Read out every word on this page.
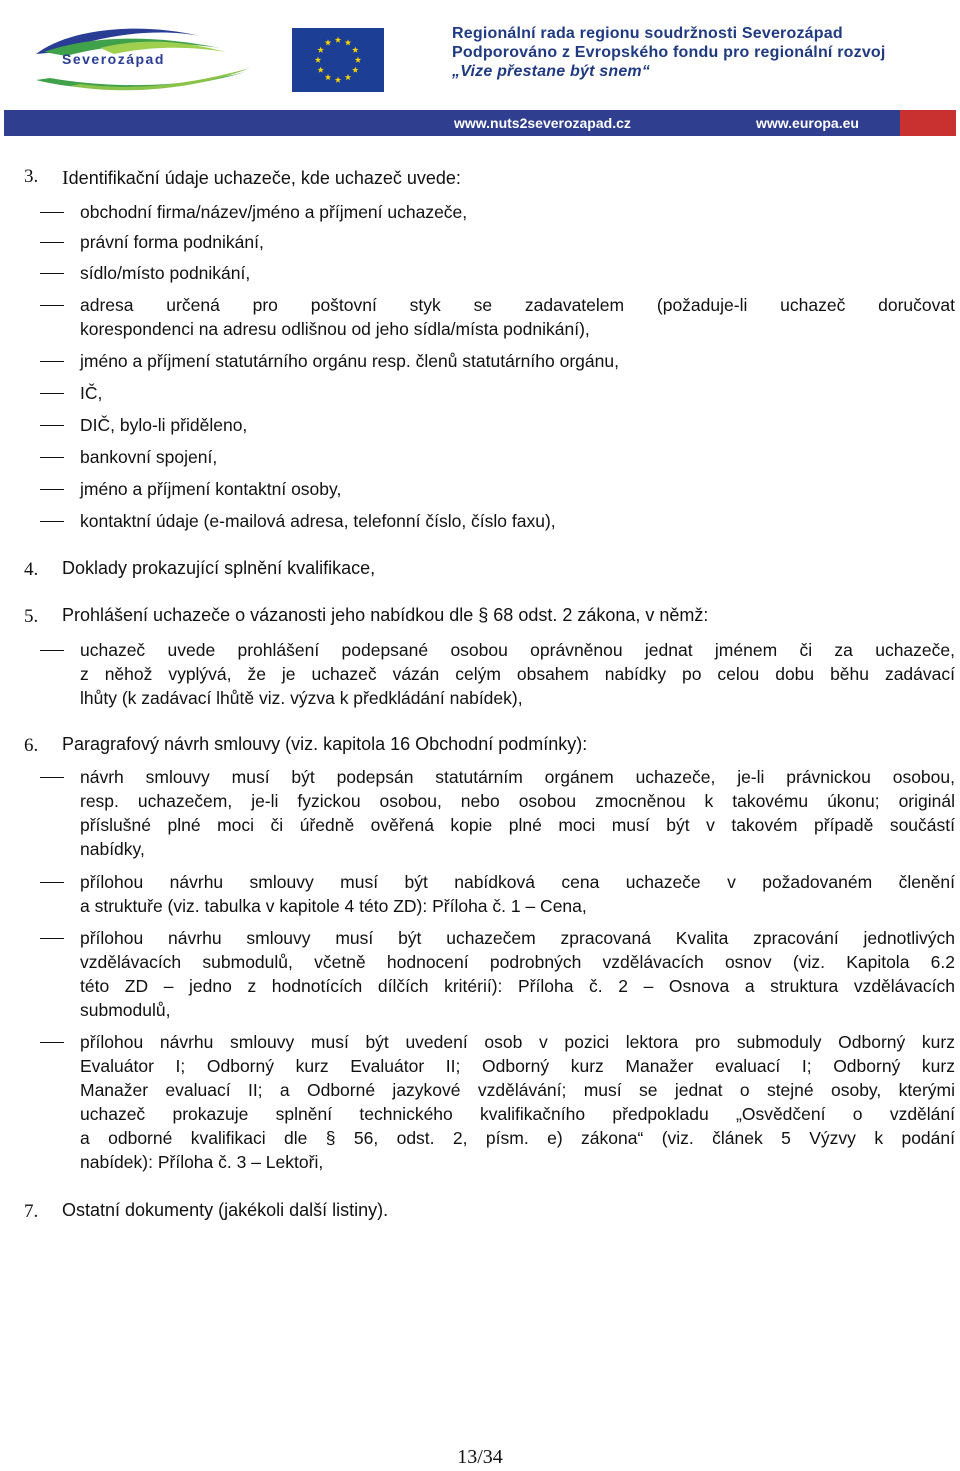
Severozápad
Regionální rada regionu soudržnosti Severozápad
Podporováno z Evropského fondu pro regionální rozvoj
„Vize přestane být snem“
www.nuts2severozapad.cz	www.europa.eu
3. Identifikační údaje uchazeče, kde uchazeč uvede:
obchodní firma/název/jméno a příjmení uchazeče,
právní forma podnikání,
sídlo/místo podnikání,
adresa určená pro poštovní styk se zadavatelem (požaduje-li uchazeč doručovat
korespondenci na adresu odlišnou od jeho sídla/místa podnikání),
jméno a příjmení statutárního orgánu resp. členů statutárního orgánu,
IČ,
DIČ, bylo-li přiděleno,
bankovní spojení,
jméno a příjmení kontaktní osoby,
kontaktní údaje (e-mailová adresa, telefonní číslo, číslo faxu),
4. Doklady prokazující splnění kvalifikace,
5. Prohlášení uchazeče o vázanosti jeho nabídkou dle § 68 odst. 2 zákona, v němž:
uchazeč uvede prohlášení podepsané osobou oprávněnou jednat jménem či za uchazeče,
z něhož vyplývá, že je uchazeč vázán celým obsahem nabídky po celou dobu běhu zadávací
lhůty (k zadávací lhůtě viz. výzva k předkládání nabídek),
6. Paragrafový návrh smlouvy (viz. kapitola 16 Obchodní podmínky):
návrh smlouvy musí být podepsán statutárním orgánem uchazeče, je-li právnickou osobou,
resp. uchazečem, je-li fyzickou osobou, nebo osobou zmocněnou k takovému úkonu; originál
příslušné plné moci či úředně ověřená kopie plné moci musí být v takovém případě součástí
nabídky,
přílohou návrhu smlouvy musí být nabídková cena uchazeče v požadovaném členění
a struktuře (viz. tabulka v kapitole 4 této ZD): Příloha č. 1 – Cena,
přílohou návrhu smlouvy musí být uchazečem zpracovaná Kvalita zpracování jednotlivých
vzdělávacích submodulů, včetně hodnocení podrobných vzdělávacích osnov (viz. Kapitola 6.2
této ZD – jedno z hodnotících dílčích kritérií): Příloha č. 2 – Osnova a struktura vzdělávacích
submodulů,
přílohou návrhu smlouvy musí být uvedení osob v pozici lektora pro submoduly Odborný kurz
Evaluátor I; Odborný kurz Evaluátor II; Odborný kurz Manažer evaluací I; Odborný kurz
Manažer evaluací II; a Odborné jazykové vzdělávání; musí se jednat o stejné osoby, kterými
uchazeč prokazuje splnění technického kvalifikačního předpokladu „Osvědčení o vzdělání
a odborné kvalifikaci dle § 56, odst. 2, písm. e) zákona“ (viz. článek 5 Výzvy k podání
nabídek): Příloha č. 3 – Lektoři,
7. Ostatní dokumenty (jakékoli další listiny).
13/34
